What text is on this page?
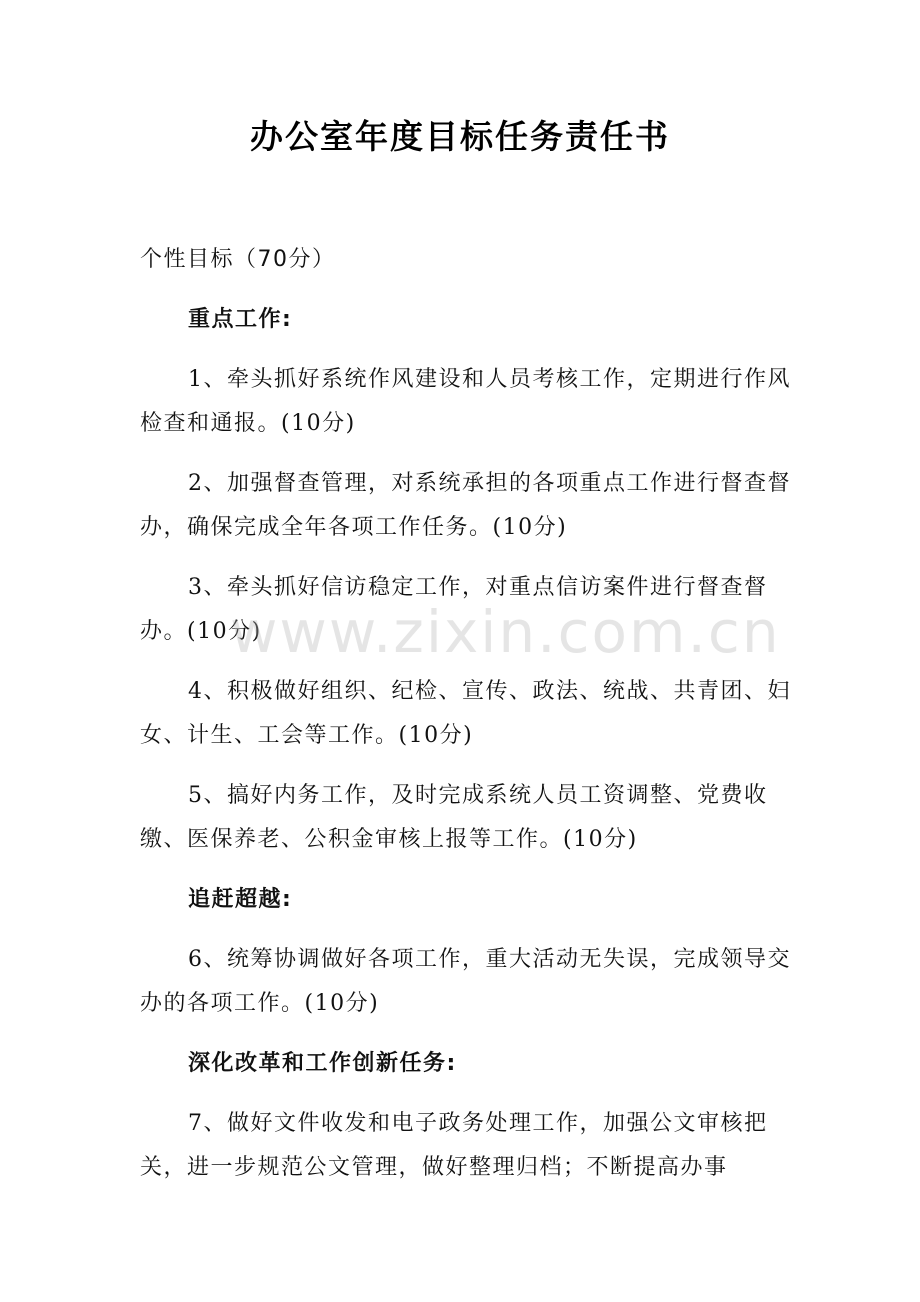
办公室年度目标任务责任书

个性目标（70分）

重点工作:

1、牵头抓好系统作风建设和人员考核工作，定期进行作风检查和通报。(10分)

2、加强督查管理，对系统承担的各项重点工作进行督查督办，确保完成全年各项工作任务。(10分)

3、牵头抓好信访稳定工作，对重点信访案件进行督查督办。(10分)

4、积极做好组织、纪检、宣传、政法、统战、共青团、妇女、计生、工会等工作。(10分)

5、搞好内务工作，及时完成系统人员工资调整、党费收缴、医保养老、公积金审核上报等工作。(10分)

追赶超越:

6、统筹协调做好各项工作，重大活动无失误，完成领导交办的各项工作。(10分)

深化改革和工作创新任务:

7、做好文件收发和电子政务处理工作，加强公文审核把关，进一步规范公文管理，做好整理归档；不断提高办事

www.zixin.com.cn
